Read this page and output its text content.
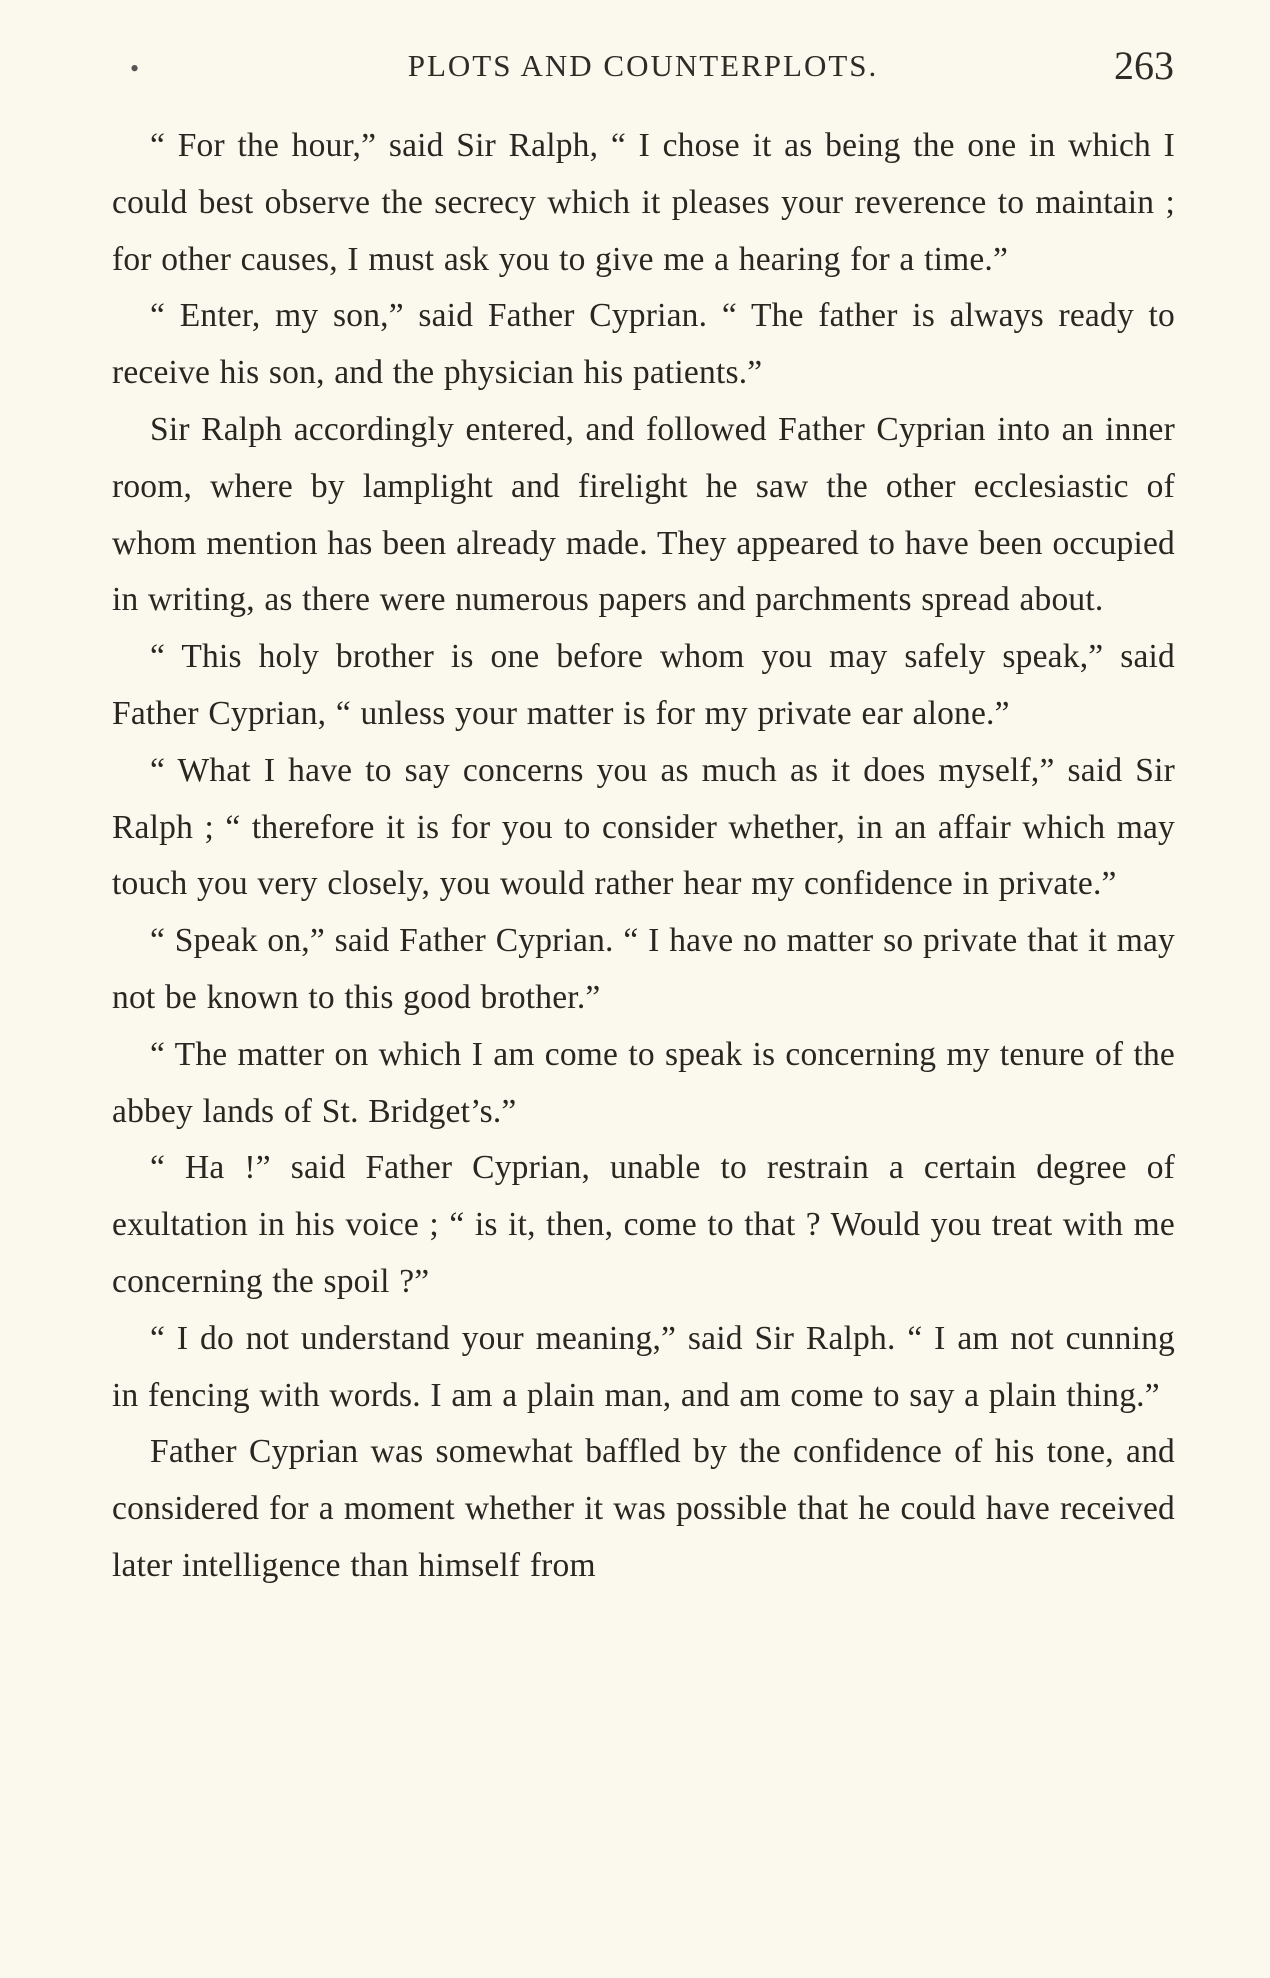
•	PLOTS AND COUNTERPLOTS.	263

“ For the hour,” said Sir Ralph, “ I chose it as being the one in which I could best observe the secrecy which it pleases your reverence to maintain ; for other causes, I must ask you to give me a hearing for a time.”

“ Enter, my son,” said Father Cyprian. “ The father is always ready to receive his son, and the physician his patients.”

Sir Ralph accordingly entered, and followed Father Cyprian into an inner room, where by lamplight and firelight he saw the other ecclesiastic of whom mention has been already made. They appeared to have been occupied in writing, as there were numerous papers and parchments spread about.

“ This holy brother is one before whom you may safely speak,” said Father Cyprian, “ unless your matter is for my private ear alone.”

“ What I have to say concerns you as much as it does myself,” said Sir Ralph ; “ therefore it is for you to consider whether, in an affair which may touch you very closely, you would rather hear my confidence in private.”

“ Speak on,” said Father Cyprian. “ I have no matter so private that it may not be known to this good brother.”

“ The matter on which I am come to speak is concerning my tenure of the abbey lands of St. Bridget’s.”

“ Ha !” said Father Cyprian, unable to restrain a certain degree of exultation in his voice ; “ is it, then, come to that ? Would you treat with me concerning the spoil ?”

“ I do not understand your meaning,” said Sir Ralph. “ I am not cunning in fencing with words. I am a plain man, and am come to say a plain thing.”

Father Cyprian was somewhat baffled by the confidence of his tone, and considered for a moment whether it was possible that he could have received later intelligence than himself from
